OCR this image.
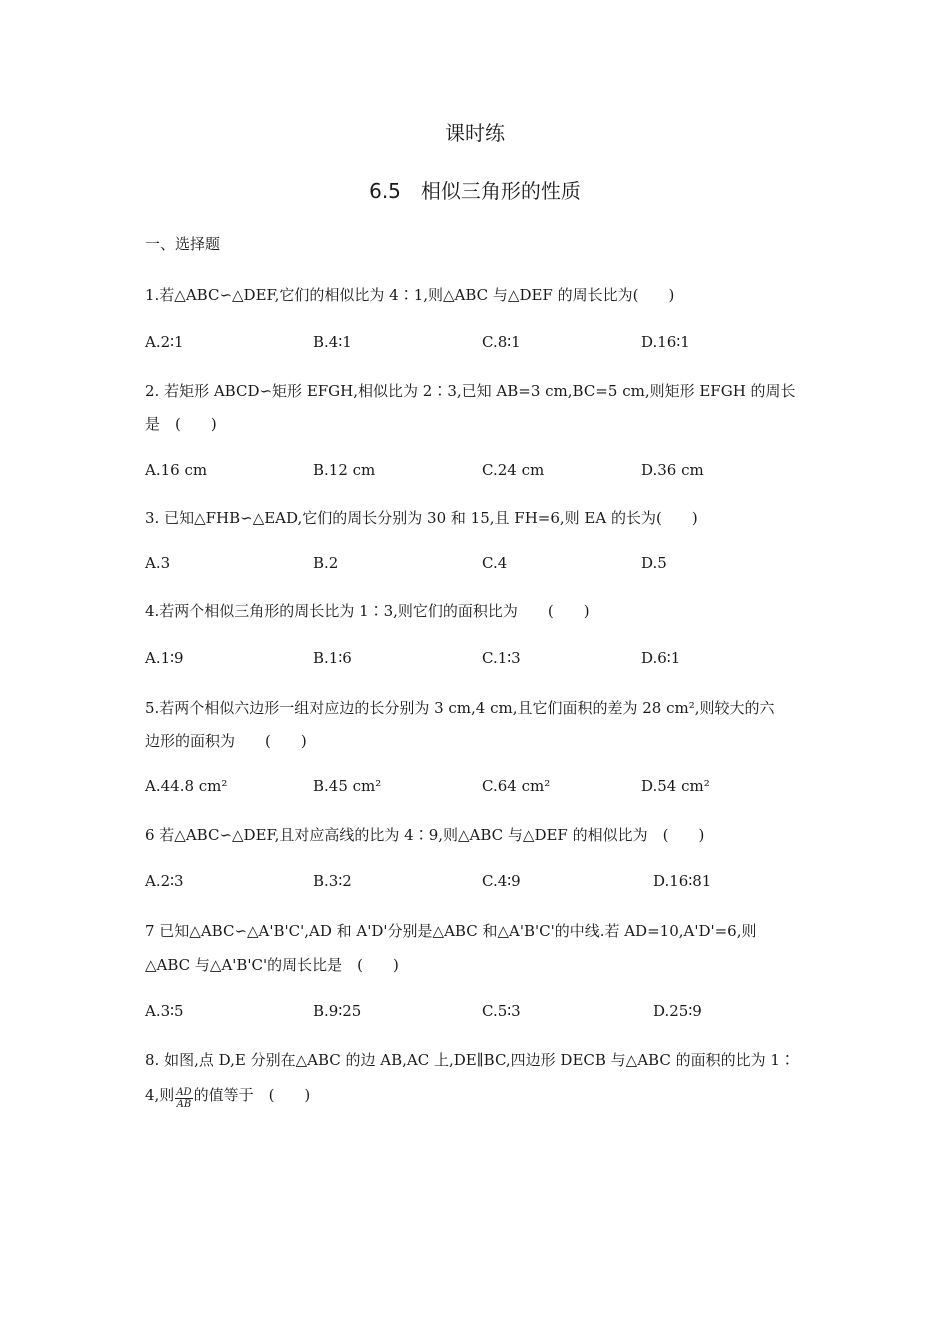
课时练
6.5　相似三角形的性质
一、选择题
1.若△ABC∽△DEF,它们的相似比为 4∶1,则△ABC 与△DEF 的周长比为(　　)
A.2∶1	B.4∶1	C.8∶1	D.16∶1
2. 若矩形 ABCD∽矩形 EFGH,相似比为 2∶3,已知 AB=3 cm,BC=5 cm,则矩形 EFGH 的周长
是　(　　)
A.16 cm	B.12 cm	C.24 cm	D.36 cm
3. 已知△FHB∽△EAD,它们的周长分别为 30 和 15,且 FH=6,则 EA 的长为(　　)
A.3	B.2	C.4	D.5
4.若两个相似三角形的周长比为 1∶3,则它们的面积比为　　(　　)
A.1∶9	B.1∶6	C.1∶3	D.6∶1
5.若两个相似六边形一组对应边的长分别为 3 cm,4 cm,且它们面积的差为 28 cm²,则较大的六
边形的面积为　　(　　)
A.44.8 cm²	B.45 cm²	C.64 cm²	D.54 cm²
6 若△ABC∽△DEF,且对应高线的比为 4∶9,则△ABC 与△DEF 的相似比为　(　　)
A.2∶3	B.3∶2	C.4∶9	D.16∶81
7 已知△ABC∽△A'B'C',AD 和 A'D'分别是△ABC 和△A'B'C'的中线.若 AD=10,A'D'=6,则
△ABC 与△A'B'C'的周长比是　(　　)
A.3∶5	B.9∶25	C.5∶3	D.25∶9
8. 如图,点 D,E 分别在△ABC 的边 AB,AC 上,DE∥BC,四边形 DECB 与△ABC 的面积的比为 1∶
4,则 $\frac{AD}{AB}$ 的值等于　(　　)
